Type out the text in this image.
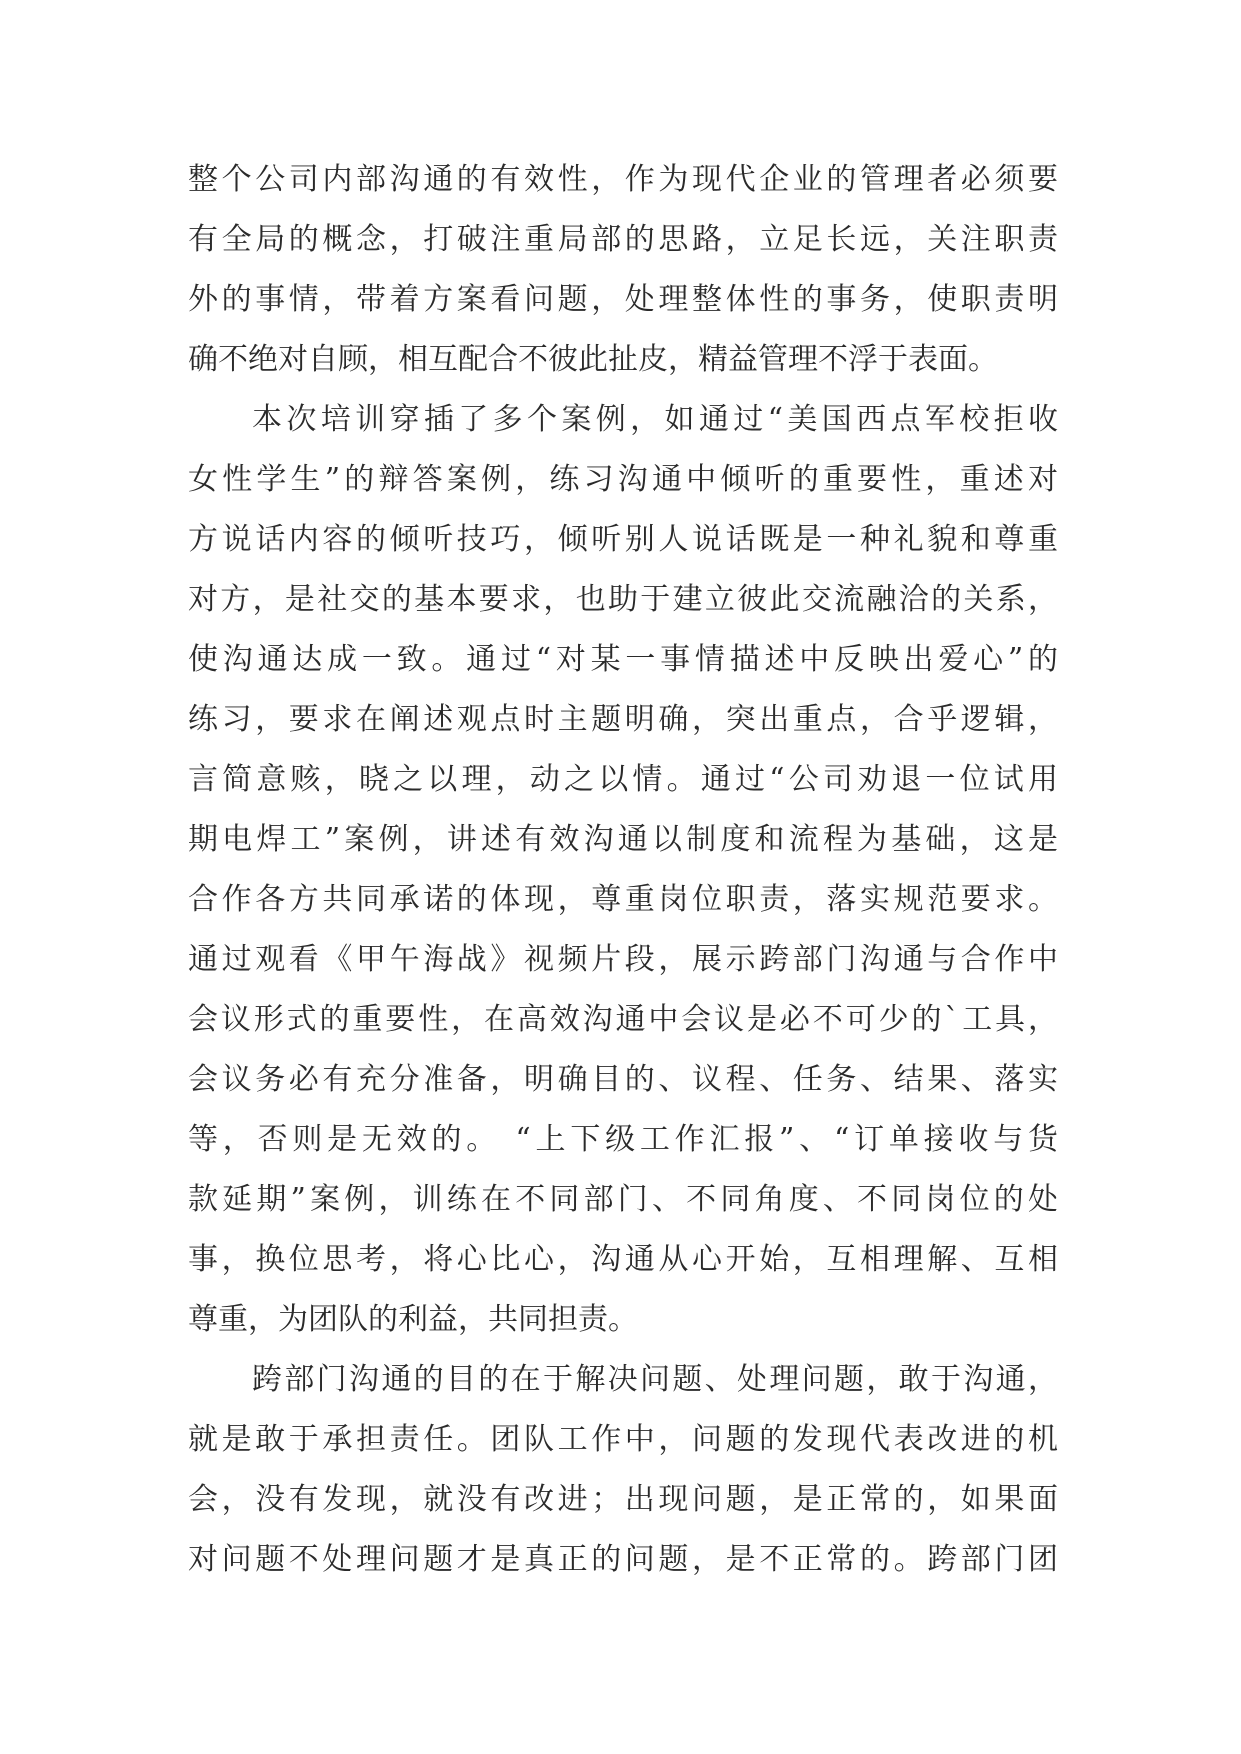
整个公司内部沟通的有效性，作为现代企业的管理者必须要
有全局的概念，打破注重局部的思路，立足长远，关注职责
外的事情，带着方案看问题，处理整体性的事务，使职责明
确不绝对自顾，相互配合不彼此扯皮，精益管理不浮于表面。
本次培训穿插了多个案例，如通过“美国西点军校拒收
女性学生”的辩答案例，练习沟通中倾听的重要性，重述对
方说话内容的倾听技巧，倾听别人说话既是一种礼貌和尊重
对方，是社交的基本要求，也助于建立彼此交流融洽的关系，
使沟通达成一致。通过“对某一事情描述中反映出爱心”的
练习，要求在阐述观点时主题明确，突出重点，合乎逻辑，
言简意赅，晓之以理，动之以情。通过“公司劝退一位试用
期电焊工”案例，讲述有效沟通以制度和流程为基础，这是
合作各方共同承诺的体现，尊重岗位职责，落实规范要求。
通过观看《甲午海战》视频片段，展示跨部门沟通与合作中
会议形式的重要性，在高效沟通中会议是必不可少的`工具，
会议务必有充分准备，明确目的、议程、任务、结果、落实
等，否则是无效的。 “上下级工作汇报”、“订单接收与货
款延期”案例，训练在不同部门、不同角度、不同岗位的处
事，换位思考，将心比心，沟通从心开始，互相理解、互相
尊重，为团队的利益，共同担责。
跨部门沟通的目的在于解决问题、处理问题，敢于沟通，
就是敢于承担责任。团队工作中，问题的发现代表改进的机
会，没有发现，就没有改进；出现问题，是正常的，如果面
对问题不处理问题才是真正的问题，是不正常的。跨部门团
